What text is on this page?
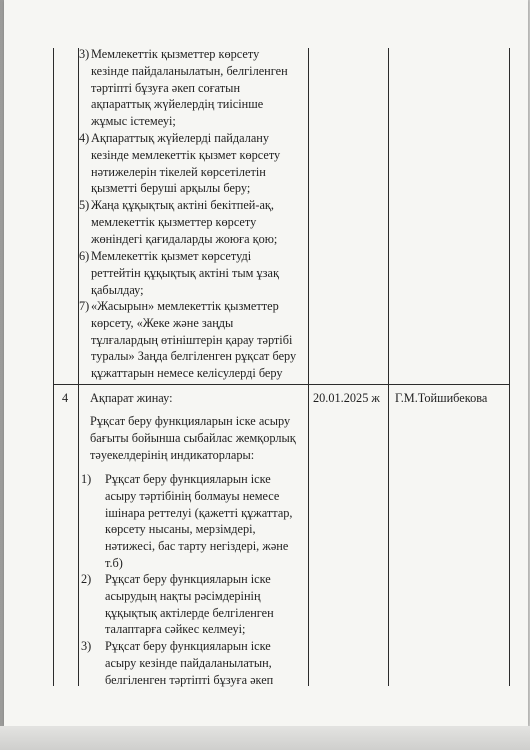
3) Мемлекеттік қызметтер көрсету
кезінде пайдаланылатын, белгіленген
тәртіпті бұзуға әкеп соғатын
ақпараттық жүйелердің тиісінше
жұмыс істемеуі;
4) Ақпараттық жүйелерді пайдалану
кезінде мемлекеттік қызмет көрсету
нәтижелерін тікелей көрсетілетін
қызметті беруші арқылы беру;
5) Жаңа құқықтық актіні бекітпей-ақ,
мемлекеттік қызметтер көрсету
жөніндегі қағидаларды жоюға қою;
6) Мемлекеттік қызмет көрсетуді
реттейтін құқықтық актіні тым ұзақ
қабылдау;
7) «Жасырын» мемлекеттік қызметтер
көрсету, «Жеке және заңды
тұлғалардың өтініштерін қарау тәртібі
туралы» Заңда белгіленген рұқсат беру
құжаттарын немесе келісулерді беру
4 Ақпарат жинау:	20.01.2025 ж Г.М.Тойшибекова
Рұқсат беру функцияларын іске асыру
бағыты бойынша сыбайлас жемқорлық
тәуекелдерінің индикаторлары:
1) Рұқсат беру функцияларын іске
асыру тәртібінің болмауы немесе
ішінара реттелуі (қажетті құжаттар,
көрсету нысаны, мерзімдері,
нәтижесі, бас тарту негіздері, және
т.б)
2) Рұқсат беру функцияларын іске
асырудың нақты рәсімдерінің
құқықтық актілерде белгіленген
талаптарға сәйкес келмеуі;
3) Рұқсат беру функцияларын іске
асыру кезінде пайдаланылатын,
белгіленген тәртіпті бұзуға әкеп
